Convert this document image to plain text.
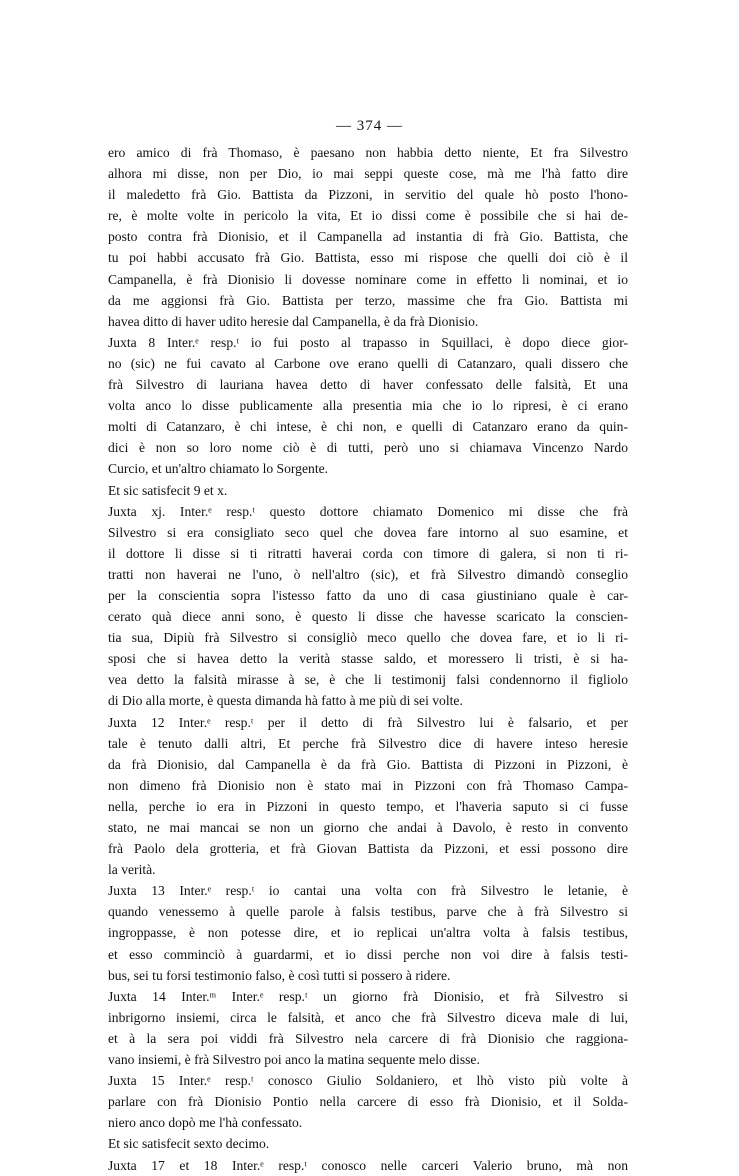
— 374 —
ero amico di frà Thomaso, è paesano non habbia detto niente, Et fra Silvestro
alhora mi disse, non per Dio, io mai seppi queste cose, mà me l'hà fatto dire
il maledetto frà Gio. Battista da Pizzoni, in servitio del quale hò posto l'hono-
re, è molte volte in pericolo la vita, Et io dissi come è possibile che si hai de-
posto contra frà Dionisio, et il Campanella ad instantia di frà Gio. Battista, che
tu poi habbi accusato frà Gio. Battista, esso mi rispose che quelli doi ciò è il
Campanella, è frà Dionisio li dovesse nominare come in effetto li nominai, et io
da me aggionsi frà Gio. Battista per terzo, massime che fra Gio. Battista mi
havea ditto di haver udito heresie dal Campanella, è da frà Dionisio.
Juxta 8 Inter.ᵉ resp.ᵗ io fui posto al trapasso in Squillaci, è dopo diece gior-
no (sic) ne fui cavato al Carbone ove erano quelli di Catanzaro, quali dissero che
frà Silvestro di lauriana havea detto di haver confessato delle falsità, Et una
volta anco lo disse publicamente alla presentia mia che io lo ripresi, è ci erano
molti di Catanzaro, è chi intese, è chi non, e quelli di Catanzaro erano da quin-
dici è non so loro nome ciò è di tutti, però uno si chiamava Vincenzo Nardo
Curcio, et un'altro chiamato lo Sorgente.
Et sic satisfecit 9 et x.
Juxta xj. Inter.ᵉ resp.ᵗ questo dottore chiamato Domenico mi disse che frà
Silvestro si era consigliato seco quel che dovea fare intorno al suo esamine, et
il dottore li disse si ti ritratti haverai corda con timore di galera, si non ti ri-
tratti non haverai ne l'uno, ò nell'altro (sic), et frà Silvestro dimandò conseglio
per la conscientia sopra l'istesso fatto da uno di casa giustiniano quale è car-
cerato quà diece anni sono, è questo li disse che havesse scaricato la conscien-
tia sua, Dipiù frà Silvestro si consigliò meco quello che dovea fare, et io li ri-
sposi che si havea detto la verità stasse saldo, et moressero li tristi, è si ha-
vea detto la falsità mirasse à se, è che li testimonij falsi condennorno il figliolo
di Dio alla morte, è questa dimanda hà fatto à me più di sei volte.
Juxta 12 Inter.ᵉ resp.ᵗ per il detto di frà Silvestro lui è falsario, et per
tale è tenuto dalli altri, Et perche frà Silvestro dice di havere inteso heresie
da frà Dionisio, dal Campanella è da frà Gio. Battista di Pizzoni in Pizzoni, è
non dimeno frà Dionisio non è stato mai in Pizzoni con frà Thomaso Campa-
nella, perche io era in Pizzoni in questo tempo, et l'haveria saputo si ci fusse
stato, ne mai mancai se non un giorno che andai à Davolo, è resto in convento
frà Paolo dela grotteria, et frà Giovan Battista da Pizzoni, et essi possono dire
la verità.
Juxta 13 Inter.ᵉ resp.ᵗ io cantai una volta con frà Silvestro le letanie, è
quando venessemo à quelle parole à falsis testibus, parve che à frà Silvestro si
ingroppasse, è non potesse dire, et io replicai un'altra volta à falsis testibus,
et esso comminciò à guardarmi, et io dissi perche non voi dire à falsis testi-
bus, sei tu forsi testimonio falso, è così tutti si possero à ridere.
Juxta 14 Inter.ᵐ Inter.ᵉ resp.ᵗ un giorno frà Dionisio, et frà Silvestro si
inbrigorno insiemi, circa le falsità, et anco che frà Silvestro diceva male di lui,
et à la sera poi viddi frà Silvestro nela carcere di frà Dionisio che raggiona-
vano insiemi, è frà Silvestro poi anco la matina sequente melo disse.
Juxta 15 Inter.ᵉ resp.ᵗ conosco Giulio Soldaniero, et lhò visto più volte à
parlare con frà Dionisio Pontio nella carcere di esso frà Dionisio, et il Solda-
niero anco dopò me l'hà confessato.
Et sic satisfecit sexto decimo.
Juxta 17 et 18 Inter.ᵉ resp.ᵗ conosco nelle carceri Valerio bruno, mà non
